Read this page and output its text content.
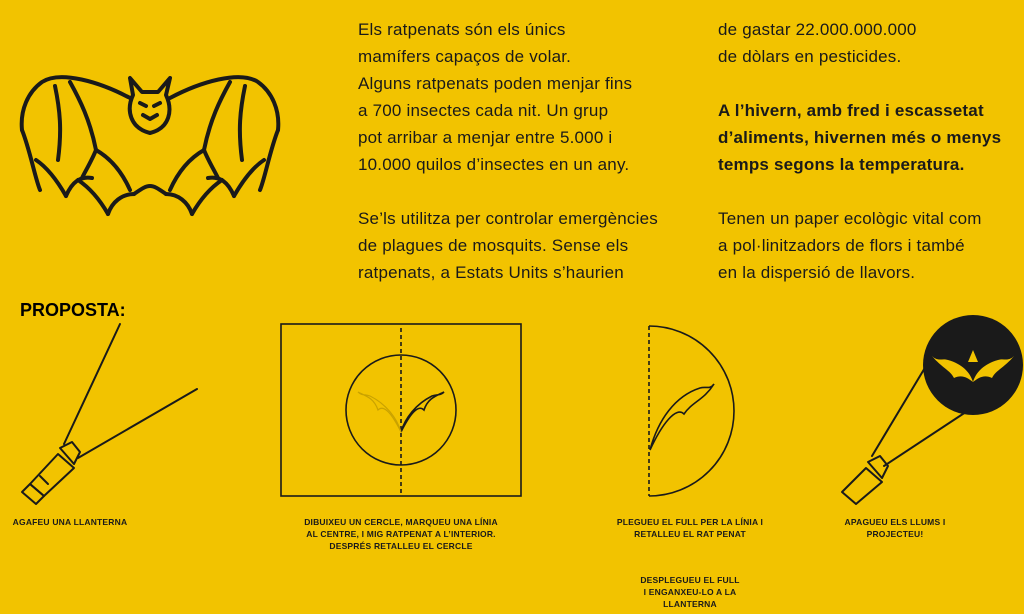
Els ratpenats són els únics
mamífers capaços de volar.
Alguns ratpenats poden menjar fins
a 700 insectes cada nit. Un grup
pot arribar a menjar entre 5.000 i
10.000 quilos d’insectes en un any.
Se’ls utilitza per controlar emergències
de plagues de mosquits. Sense els
ratpenats, a Estats Units s’haurien
de gastar 22.000.000.000
de dòlars en pesticides.
A l’hivern, amb fred i escassetat
d’aliments, hivernen més o menys
temps segons la temperatura.
Tenen un paper ecològic vital com
a pol·linitzadors de flors i també
en la dispersió de llavors.
PROPOSTA:
AGAFEU UNA LLANTERNA	DIBUIXEU UN CERCLE, MARQUEU UNA LÍNIA
AL CENTRE, I MIG RATPENAT A L’INTERIOR.
DESPRÉS RETALLEU EL CERCLE
PLEGUEU EL FULL PER LA LÍNIA I
RETALLEU EL RAT PENAT
DESPLEGUEU EL FULL
I ENGANXEU-LO A LA
LLANTERNA
APAGUEU ELS LLUMS I
PROJECTEU!
